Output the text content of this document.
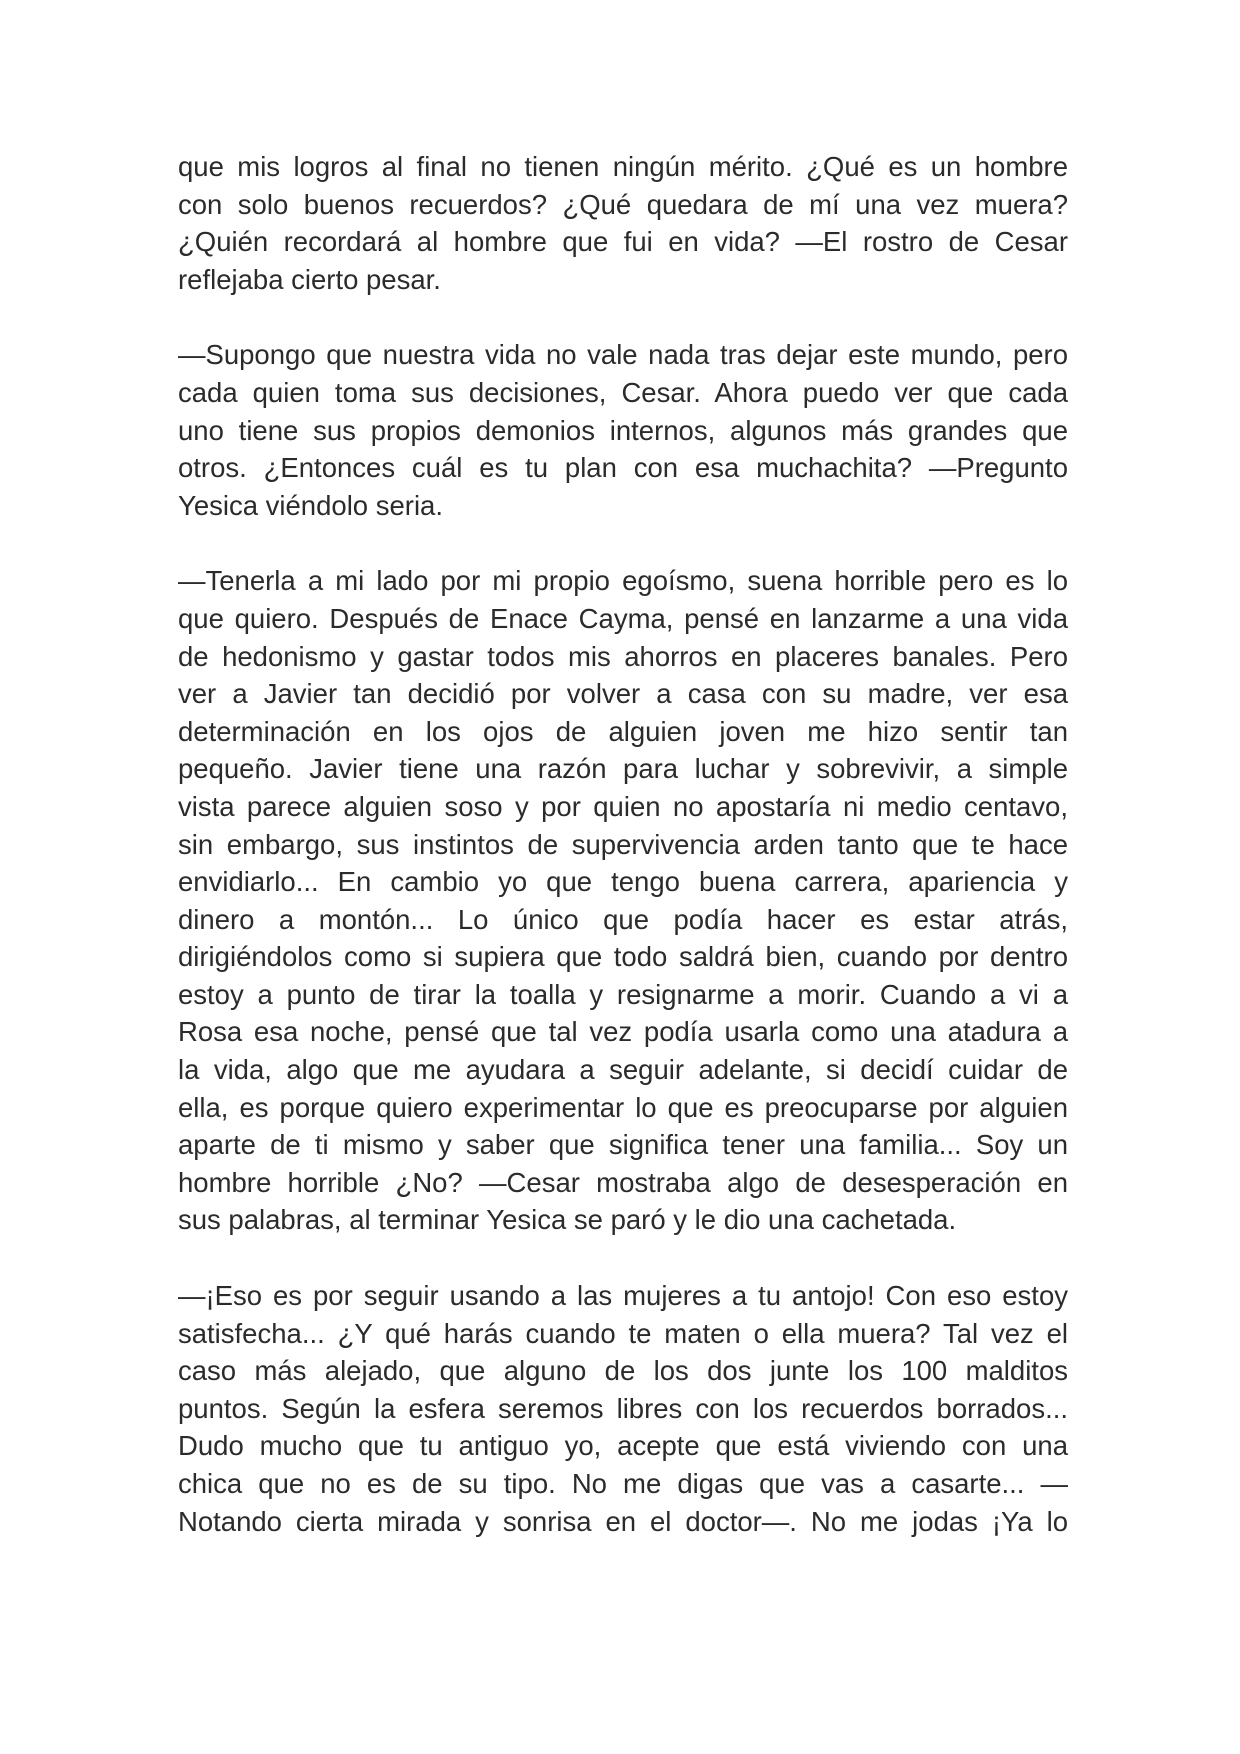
que mis logros al final no tienen ningún mérito. ¿Qué es un hombre
con solo buenos recuerdos? ¿Qué quedara de mí una vez muera?
¿Quién recordará al hombre que fui en vida? —El rostro de Cesar
reflejaba cierto pesar.

—Supongo que nuestra vida no vale nada tras dejar este mundo, pero
cada quien toma sus decisiones, Cesar. Ahora puedo ver que cada
uno tiene sus propios demonios internos, algunos más grandes que
otros. ¿Entonces cuál es tu plan con esa muchachita? —Pregunto
Yesica viéndolo seria.

—Tenerla a mi lado por mi propio egoísmo, suena horrible pero es lo
que quiero. Después de Enace Cayma, pensé en lanzarme a una vida
de hedonismo y gastar todos mis ahorros en placeres banales. Pero
ver a Javier tan decidió por volver a casa con su madre, ver esa
determinación en los ojos de alguien joven me hizo sentir tan
pequeño. Javier tiene una razón para luchar y sobrevivir, a simple
vista parece alguien soso y por quien no apostaría ni medio centavo,
sin embargo, sus instintos de supervivencia arden tanto que te hace
envidiarlo... En cambio yo que tengo buena carrera, apariencia y
dinero a montón... Lo único que podía hacer es estar atrás,
dirigiéndolos como si supiera que todo saldrá bien, cuando por dentro
estoy a punto de tirar la toalla y resignarme a morir. Cuando a vi a
Rosa esa noche, pensé que tal vez podía usarla como una atadura a
la vida, algo que me ayudara a seguir adelante, si decidí cuidar de
ella, es porque quiero experimentar lo que es preocuparse por alguien
aparte de ti mismo y saber que significa tener una familia... Soy un
hombre horrible ¿No? —Cesar mostraba algo de desesperación en
sus palabras, al terminar Yesica se paró y le dio una cachetada.

—¡Eso es por seguir usando a las mujeres a tu antojo! Con eso estoy
satisfecha... ¿Y qué harás cuando te maten o ella muera? Tal vez el
caso más alejado, que alguno de los dos junte los 100 malditos
puntos. Según la esfera seremos libres con los recuerdos borrados...
Dudo mucho que tu antiguo yo, acepte que está viviendo con una
chica que no es de su tipo. No me digas que vas a casarte... —
Notando cierta mirada y sonrisa en el doctor—. No me jodas ¡Ya lo
